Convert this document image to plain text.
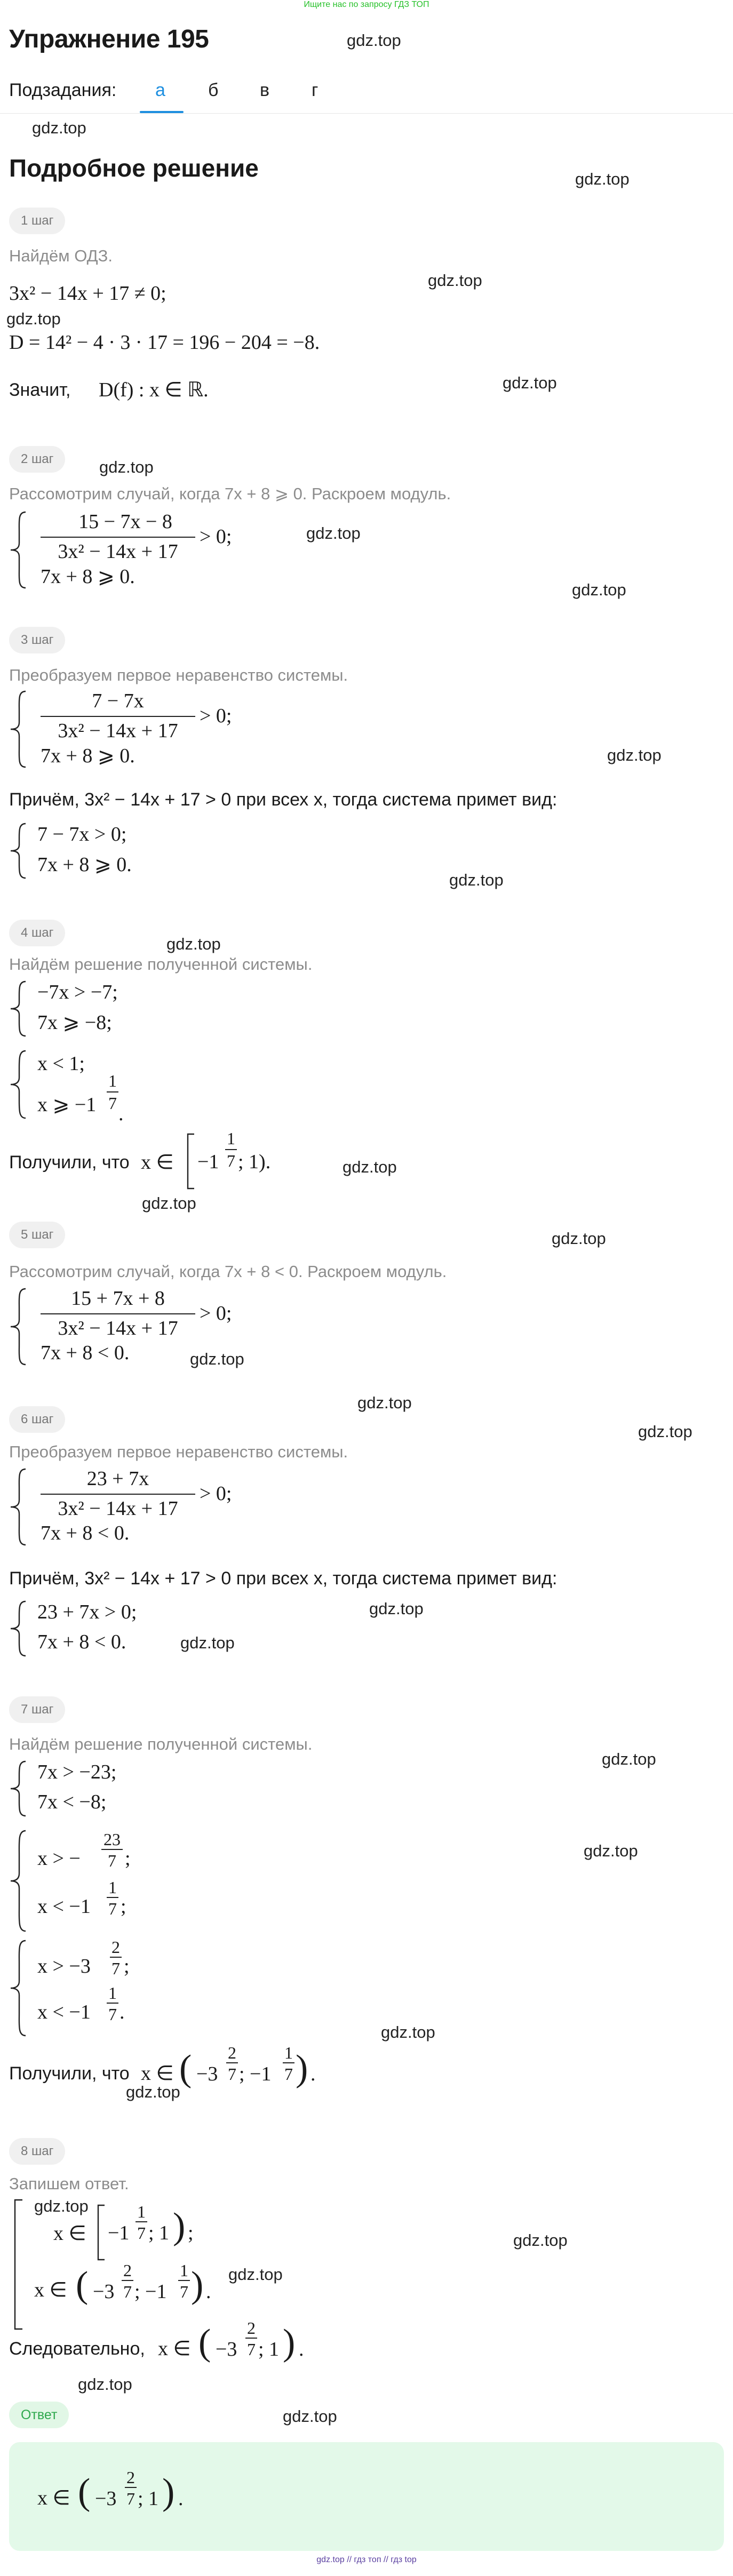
Ищите нас по запросу ГДЗ ТОП
gdz.top
gdz.top
gdz.top
gdz.top
gdz.top
gdz.top
gdz.top
gdz.top
gdz.top
gdz.top
gdz.top
gdz.top
gdz.top
gdz.top
gdz.top
gdz.top
gdz.top
gdz.top
gdz.top
gdz.top
gdz.top
gdz.top
gdz.top
gdz.top
gdz.top
gdz.top
gdz.top
gdz.top
gdz.top
Упражнение 195
Подзадания: а б в г
Подробное решение
1 шаг
Найдём ОДЗ.
3x² − 14x + 17 ≠ 0;
D = 14² − 4 · 3 · 17 = 196 − 204 = −8.
Значит, D(f) : x ∈ ℝ.
2 шаг
Рассомотрим случай, когда 7x + 8 ⩾ 0. Раскроем модуль.
15 − 7x − 8
3x² − 14x + 17
> 0;
7x + 8 ⩾ 0.
3 шаг
Преобразуем первое неравенство системы.
7 − 7x
3x² − 14x + 17
> 0;
7x + 8 ⩾ 0.
Причём, 3x² − 14x + 17 > 0 при всех x, тогда система примет вид:
7 − 7x > 0;
7x + 8 ⩾ 0.
4 шаг
Найдём решение полученной системы.
−7x > −7;
7x ⩾ −8;
x < 1;
x ⩾ −1
1
7 .
Получили, что x ∈ −1
1
7 ; 1).
5 шаг
Рассомотрим случай, когда 7x + 8 < 0. Раскроем модуль.
15 + 7x + 8
3x² − 14x + 17
> 0;
7x + 8 < 0.
6 шаг
Преобразуем первое неравенство системы.
23 + 7x
3x² − 14x + 17
> 0;
7x + 8 < 0.
Причём, 3x² − 14x + 17 > 0 при всех x, тогда система примет вид:
23 + 7x > 0;
7x + 8 < 0.
7 шаг
Найдём решение полученной системы.
7x > −23;
7x < −8;
x > −
23
7 ;
x < −1
1
7 ;
x > −3
2
7 ;
x < −1
1
7 .
Получили, что x ∈ ( −3
2
7 ; −1
1
7 ) .
8 шаг
Запишем ответ.
x ∈ −1
1
7 ; 1 ) ;
x ∈ ( −3
2
7 ; −1
1
7 ) .
Следовательно, x ∈ ( −3
2
7 ; 1 ) .
Ответ
x ∈ ( −3
2
7 ; 1 ) .
gdz.top // гдз топ // гдз top
